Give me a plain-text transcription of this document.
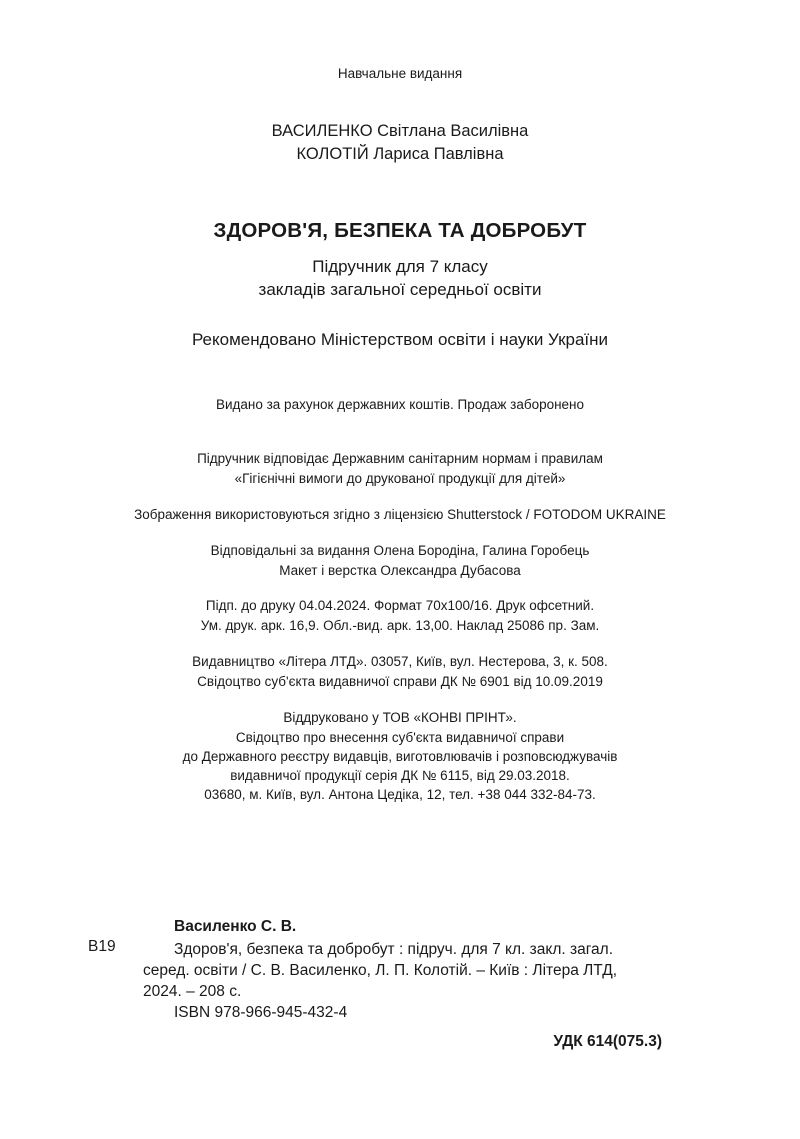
Навчальне видання
ВАСИЛЕНКО Світлана Василівна
КОЛОТІЙ Лариса Павлівна
ЗДОРОВ'Я, БЕЗПЕКА ТА ДОБРОБУТ
Підручник для 7 класу
закладів загальної середньої освіти
Рекомендовано Міністерством освіти і науки України
Видано за рахунок державних коштів. Продаж заборонено
Підручник відповідає Державним санітарним нормам і правилам
«Гігієнічні вимоги до друкованої продукції для дітей»
Зображення використовуються згідно з ліцензією Shutterstock / FOTODOM UKRAINE
Відповідальні за видання Олена Бородіна, Галина Горобець
Макет і верстка Олександра Дубасова
Підп. до друку 04.04.2024. Формат 70х100/16. Друк офсетний.
Ум. друк. арк. 16,9. Обл.-вид. арк. 13,00. Наклад 25086 пр. Зам.
Видавництво «Літера ЛТД». 03057, Київ, вул. Нестерова, 3, к. 508.
Свідоцтво суб'єкта видавничої справи ДК № 6901 від 10.09.2019
Віддруковано у ТОВ «КОНВІ ПРІНТ».
Свідоцтво про внесення суб'єкта видавничої справи
до Державного реєстру видавців, виготовлювачів і розповсюджувачів
видавничої продукції серія ДК № 6115, від 29.03.2018.
03680, м. Київ, вул. Антона Цедіка, 12, тел. +38 044 332-84-73.
Василенко С. В.
В19	Здоров'я, безпека та добробут : підруч. для 7 кл. закл. загал.
серед. освіти / С. В. Василенко, Л. П. Колотій. – Київ : Літера ЛТД,
2024. – 208 с.
ISBN 978-966-945-432-4
УДК 614(075.3)
